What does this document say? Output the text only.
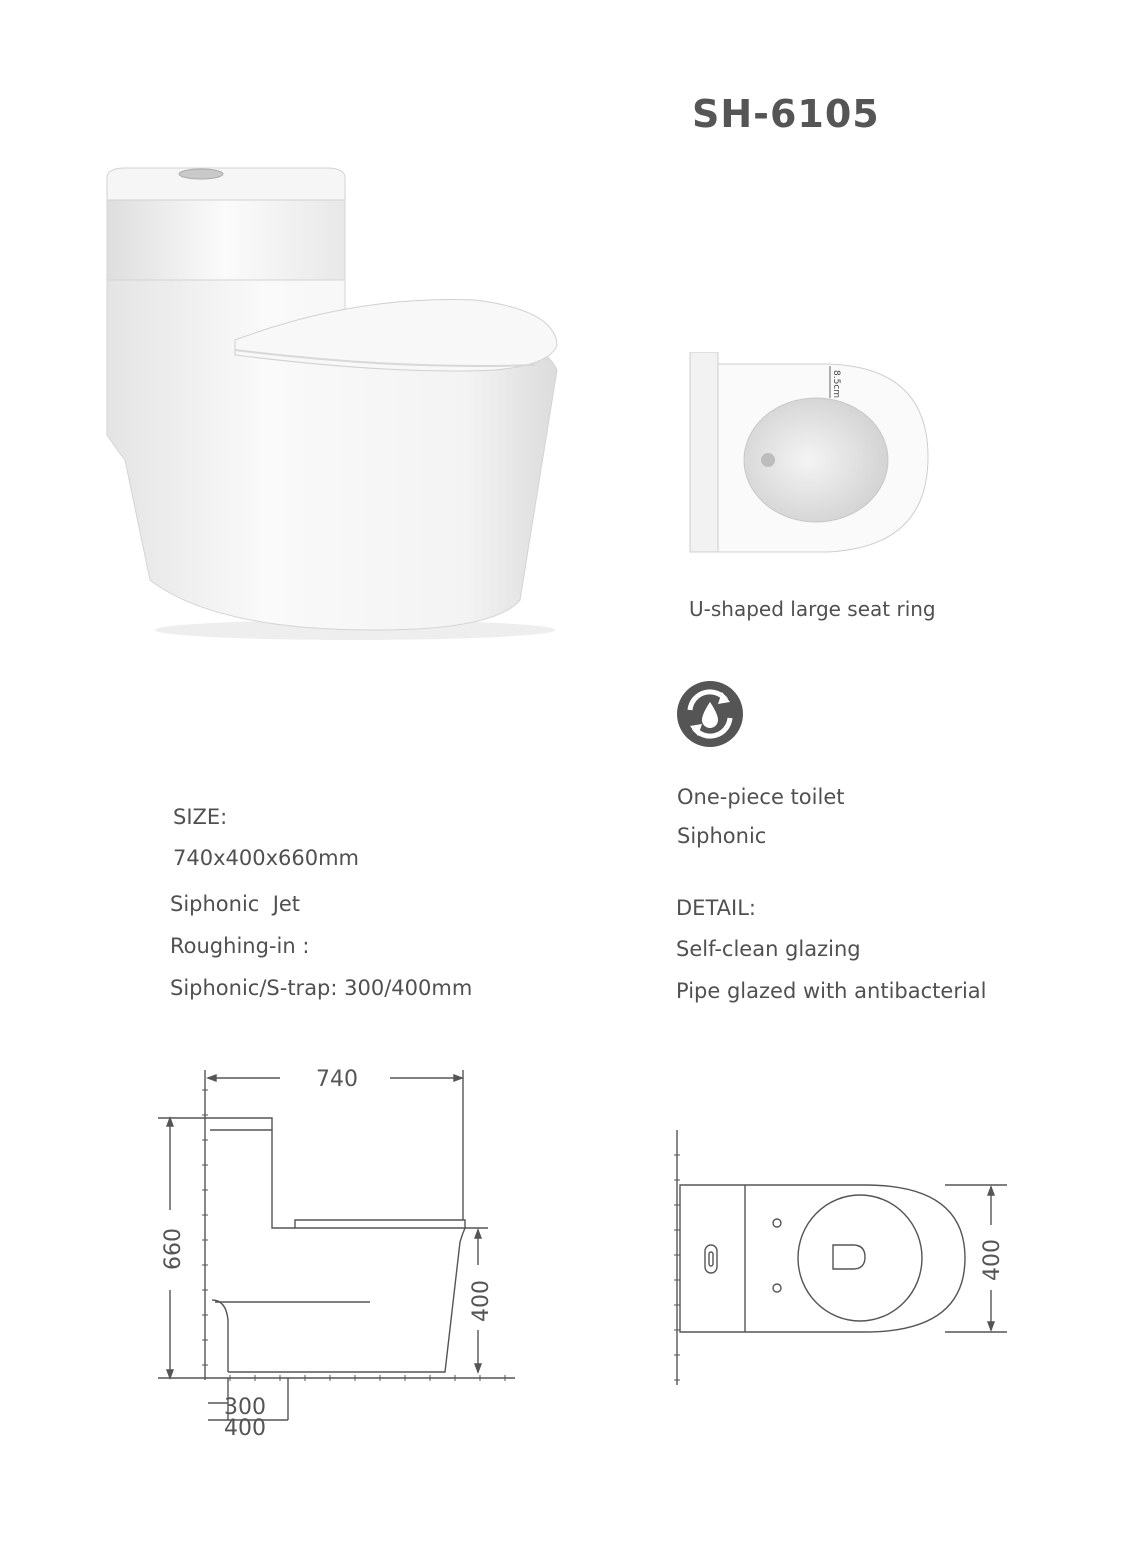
SH-6105
8.5cm
U-shaped large seat ring
One-piece toilet
Siphonic
SIZE:
740x400x660mm
Siphonic  Jet
Roughing-in :
Siphonic/S-trap: 300/400mm
DETAIL:
Self-clean glazing
Pipe glazed with antibacterial
740
660
400
300
400
400
